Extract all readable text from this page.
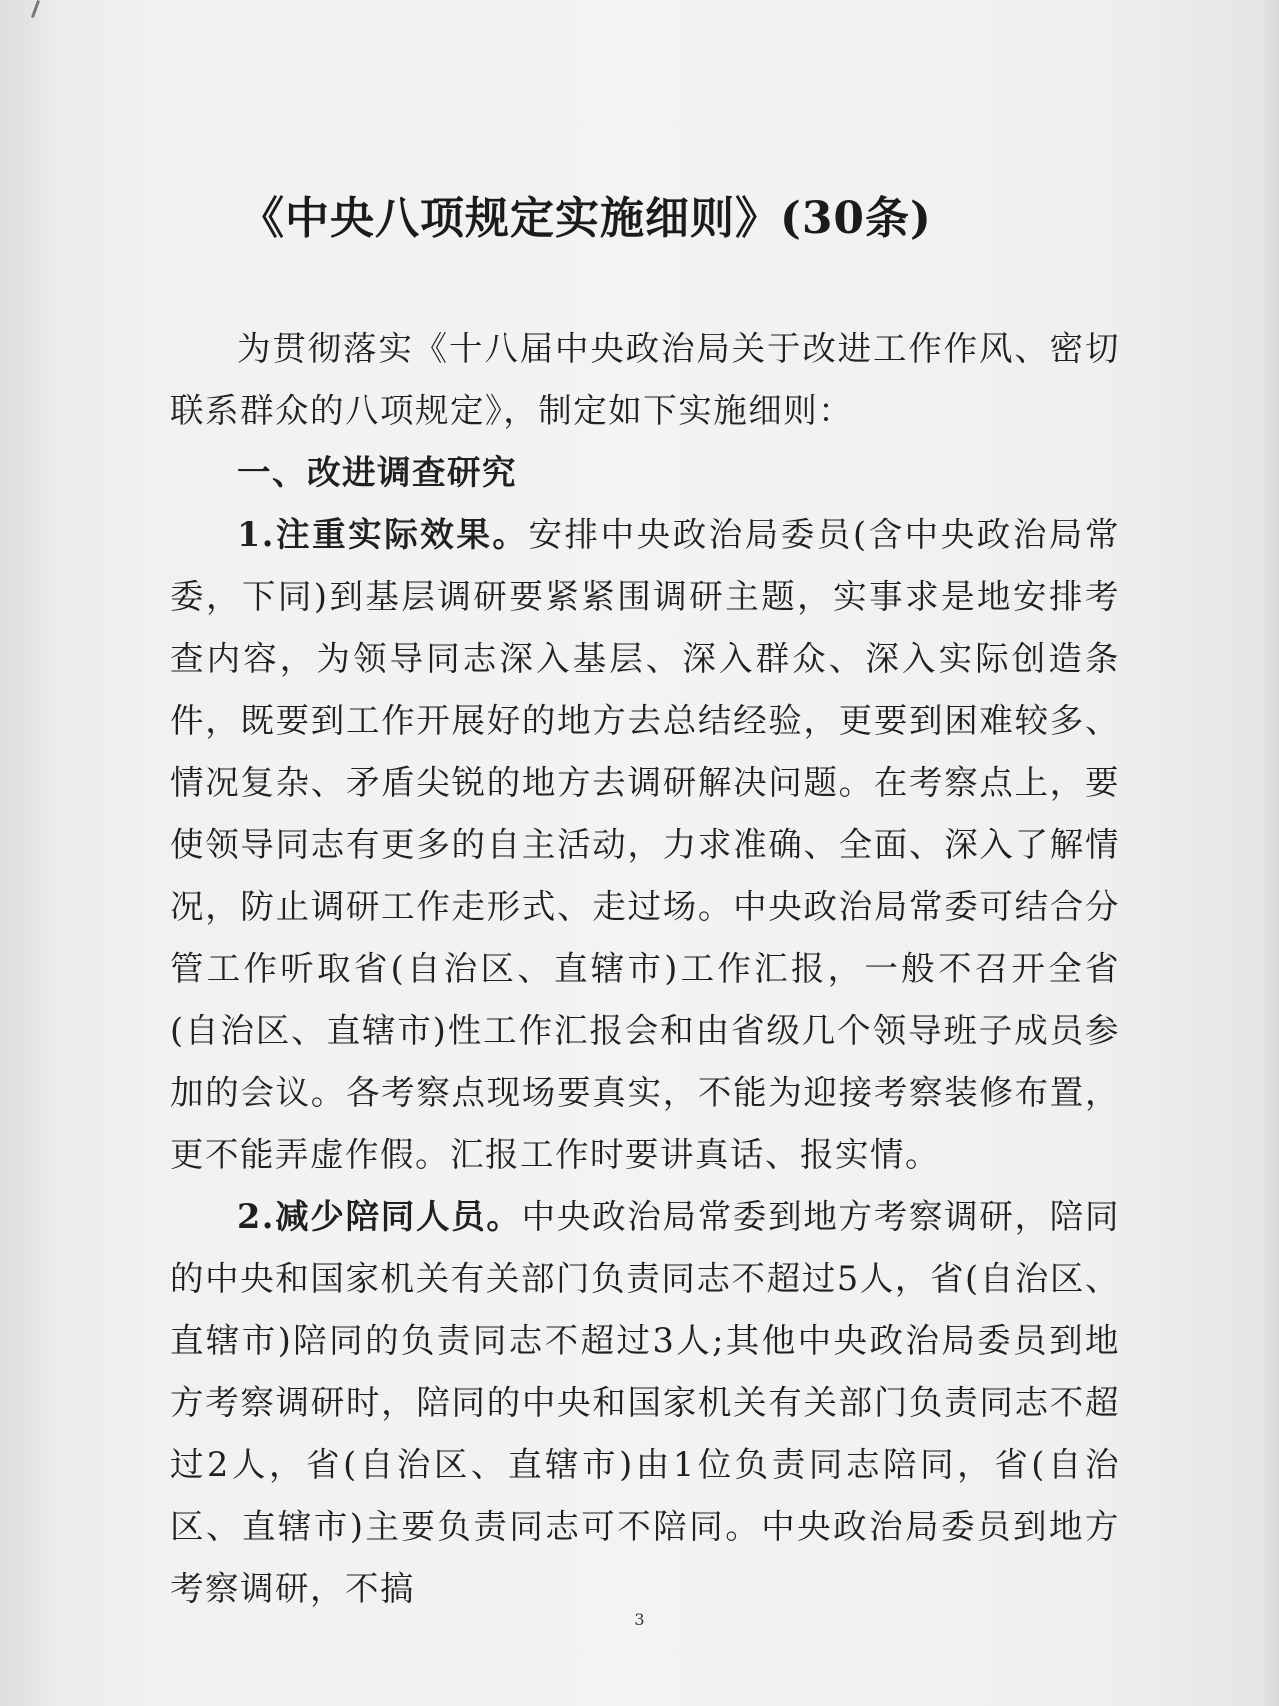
《中央八项规定实施细则》(30条)

为贯彻落实《十八届中央政治局关于改进工作作风、密切联系群众的八项规定》，制定如下实施细则：

一、改进调查研究

1.注重实际效果。安排中央政治局委员(含中央政治局常委，下同)到基层调研要紧紧围调研主题，实事求是地安排考查内容，为领导同志深入基层、深入群众、深入实际创造条件，既要到工作开展好的地方去总结经验，更要到困难较多、情况复杂、矛盾尖锐的地方去调研解决问题。在考察点上，要使领导同志有更多的自主活动，力求准确、全面、深入了解情况，防止调研工作走形式、走过场。中央政治局常委可结合分管工作听取省(自治区、直辖市)工作汇报，一般不召开全省(自治区、直辖市)性工作汇报会和由省级几个领导班子成员参加的会议。各考察点现场要真实，不能为迎接考察装修布置，更不能弄虚作假。汇报工作时要讲真话、报实情。

2.减少陪同人员。中央政治局常委到地方考察调研，陪同的中央和国家机关有关部门负责同志不超过5人，省(自治区、直辖市)陪同的负责同志不超过3人;其他中央政治局委员到地方考察调研时，陪同的中央和国家机关有关部门负责同志不超过2人，省(自治区、直辖市)由1位负责同志陪同，省(自治区、直辖市)主要负责同志可不陪同。中央政治局委员到地方考察调研，不搞

3
